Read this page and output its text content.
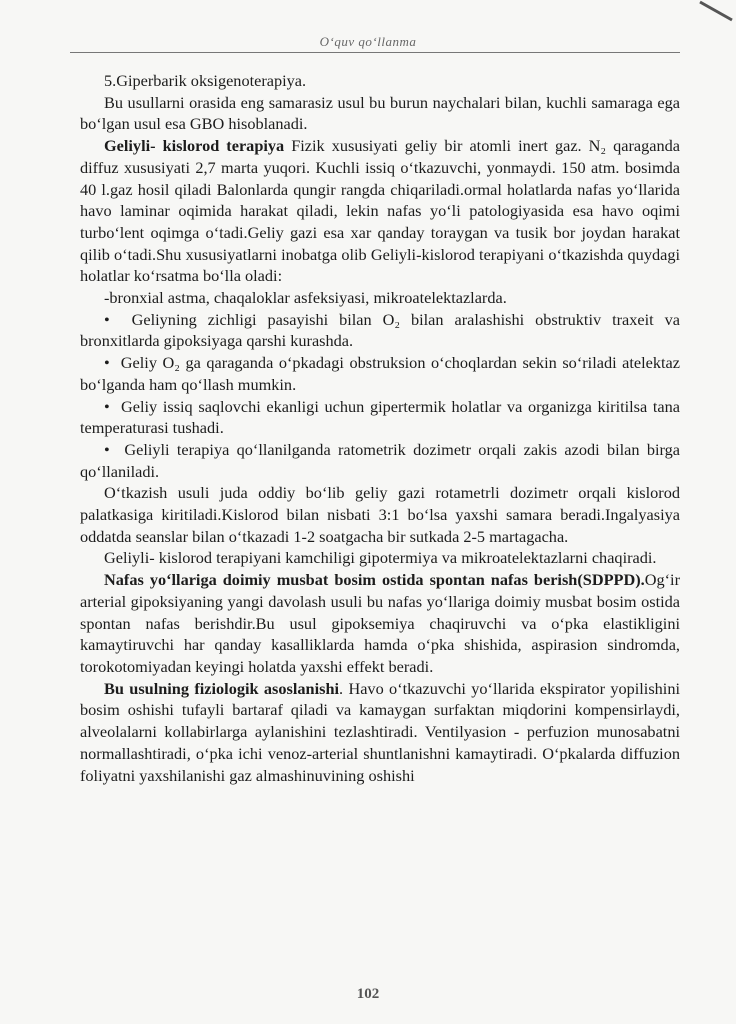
O‘quv qo‘llanma

5.Giperbarik oksigenoterapiya.

Bu usullarni orasida eng samarasiz usul bu burun naychalari bilan, kuchli samaraga ega bo‘lgan usul esa GBO hisoblanadi.

Geliyli- kislorod terapiya Fizik xususiyati geliy bir atomli inert gaz. N₂ qaraganda diffuz xususiyati 2,7 marta yuqori. Kuchli issiq o‘tkazuvchi, yonmaydi. 150 atm. bosimda 40 l.gaz hosil qiladi Balonlarda qungir rangda chiqariladi.ormal holatlarda nafas yo‘llarida havo laminar oqimida harakat qiladi, lekin nafas yo‘li patologiyasida esa havo oqimi turbo‘lent oqimga o‘tadi.Geliy gazi esa xar qanday toraygan va tusik bor joydan harakat qilib o‘tadi.Shu xususiyatlarni inobatga olib Geliyli-kislorod terapiyani o‘tkazishda quydagi holatlar ko‘rsatma bo‘lla oladi:

-bronxial astma, chaqaloklar asfeksiyasi, mikroatelektazlarda.

•  Geliyning zichligi pasayishi bilan O₂ bilan aralashishi obstruktiv traxeit va bronxitlarda gipoksiyaga qarshi kurashda.

•  Geliy O₂ ga qaraganda o‘pkadagi obstruksion o‘choqlardan sekin so‘riladi atelektaz bo‘lganda ham qo‘llash mumkin.

•  Geliy issiq saqlovchi ekanligi uchun gipertermik holatlar va organizga kiritilsa tana temperaturasi tushadi.

•  Geliyli terapiya qo‘llanilganda ratometrik dozimetr orqali zakis azodi bilan birga qo‘llaniladi.

O‘tkazish usuli juda oddiy bo‘lib geliy gazi rotametrli dozimetr orqali kislorod palatkasiga kiritiladi.Kislorod bilan nisbati 3:1 bo‘lsa yaxshi samara beradi.Ingalyasiya oddatda seanslar bilan o‘tkazadi 1-2 soatgacha bir sutkada 2-5 martagacha.

Geliyli- kislorod terapiyani kamchiligi gipotermiya va mikroatelektazlarni chaqiradi.

Nafas yo‘llariga doimiy musbat bosim ostida spontan nafas berish(SDPPD).Og‘ir arterial gipoksiyaning yangi davolash usuli bu nafas yo‘llariga doimiy musbat bosim ostida spontan nafas berishdir.Bu usul gipoksemiya chaqiruvchi va o‘pka elastikligini kamaytiruvchi har qanday kasalliklarda hamda o‘pka shishida, aspirasion sindromda, torokotomiyadan keyingi holatda yaxshi effekt beradi.

Bu usulning fiziologik asoslanishi. Havo o‘tkazuvchi yo‘llarida ekspirator yopilishini bosim oshishi tufayli bartaraf qiladi va kamaygan surfaktan miqdorini kompensirlaydi, alveolalarni kollabirlarga aylanishini tezlashtiradi. Ventilyasion - perfuzion munosabatni normallashtiradi, o‘pka ichi venoz-arterial shuntlanishni kamaytiradi. O‘pkalarda diffuzion foliyatni yaxshilanishi gaz almashinuvining oshishi

102
